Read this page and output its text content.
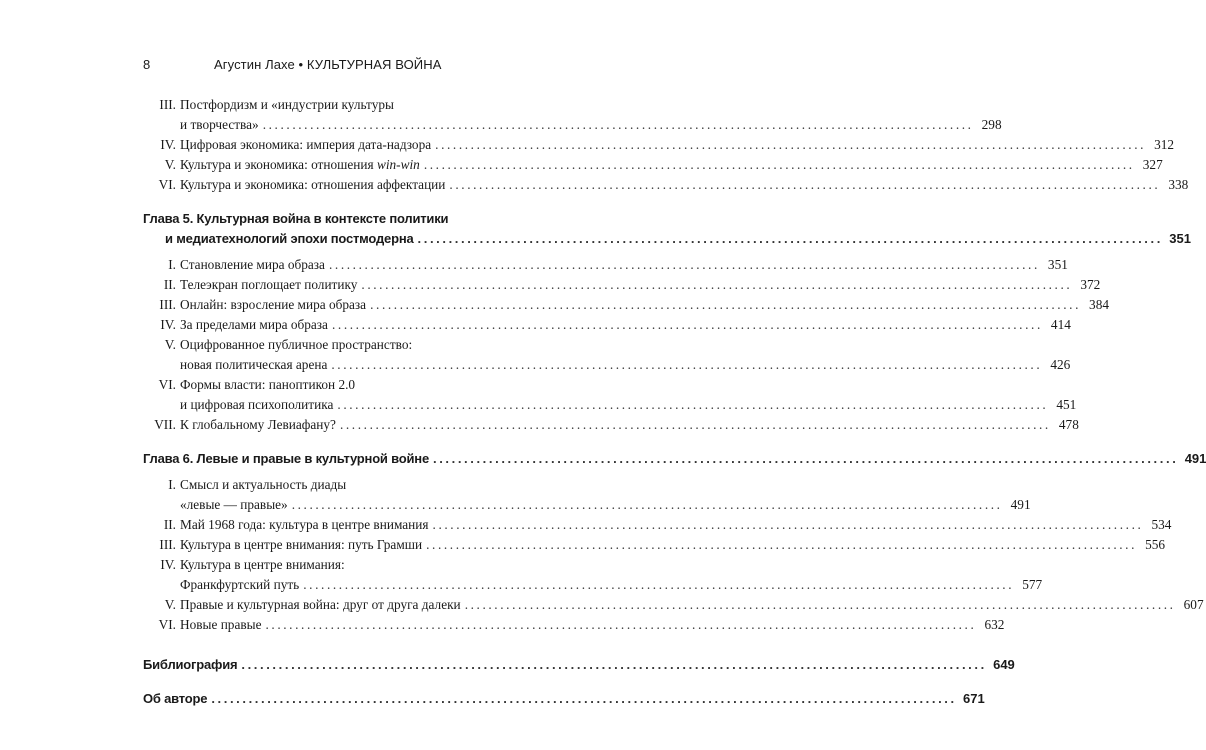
8	Агустин Лахе • КУЛЬТУРНАЯ ВОЙНА
III. Постфордизм и «индустрии культуры
и творчества» ........................................................................................................................ 298
IV. Цифровая экономика: империя дата-надзора ........................................................................................................................ 312
V. Культура и экономика: отношения win-win ........................................................................................................................ 327
VI. Культура и экономика: отношения аффектации ........................................................................................................................ 338
Глава 5. Культурная война в контексте политики
и медиатехнологий эпохи постмодерна ........................................................................................................................ 351
I. Становление мира образа ........................................................................................................................ 351
II. Телеэкран поглощает политику ........................................................................................................................ 372
III. Онлайн: взросление мира образа ........................................................................................................................ 384
IV. За пределами мира образа ........................................................................................................................ 414
V. Оцифрованное публичное пространство:
новая политическая арена ........................................................................................................................ 426
VI. Формы власти: паноптикон 2.0
и цифровая психополитика ........................................................................................................................ 451
VII. К глобальному Левиафану? ........................................................................................................................ 478
Глава 6. Левые и правые в культурной войне ........................................................................................................................ 491
I. Смысл и актуальность диады
«левые — правые» ........................................................................................................................ 491
II. Май 1968 года: культура в центре внимания ........................................................................................................................ 534
III. Культура в центре внимания: путь Грамши ........................................................................................................................ 556
IV. Культура в центре внимания:
Франкфуртский путь ........................................................................................................................ 577
V. Правые и культурная война: друг от друга далеки ........................................................................................................................ 607
VI. Новые правые ........................................................................................................................ 632
Библиография ........................................................................................................................ 649
Об авторе ........................................................................................................................ 671
